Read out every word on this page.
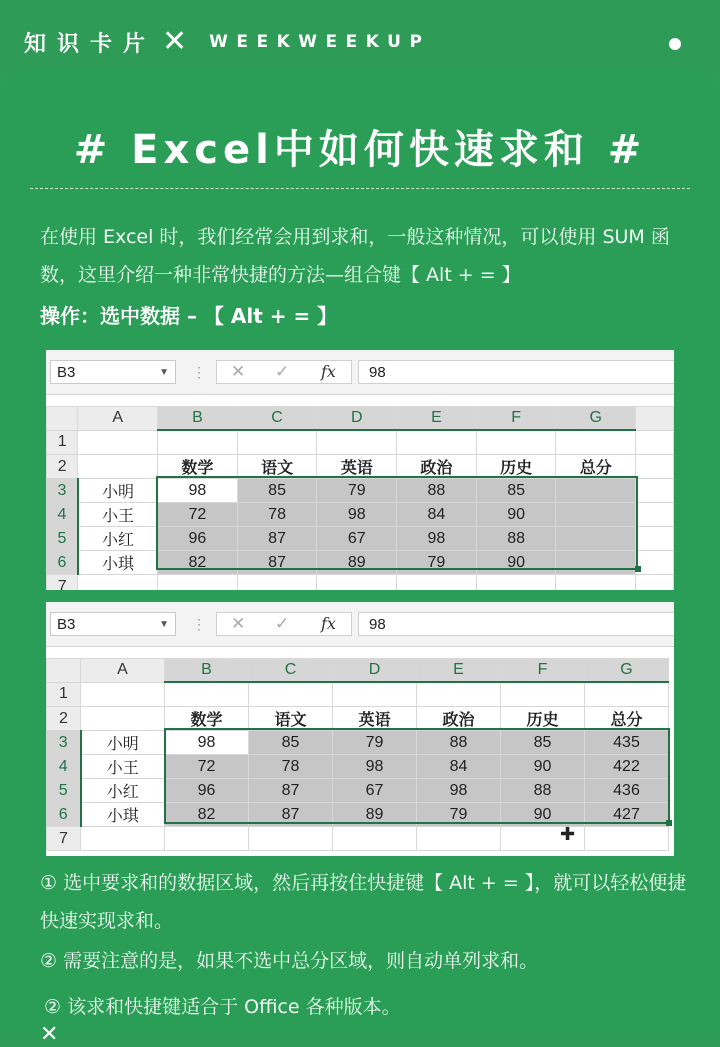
知识卡片 ✕ WEEKWEEKUP
# Excel中如何快速求和 #
在使用 Excel 时，我们经常会用到求和，一般这种情况，可以使用 SUM 函数，这里介绍一种非常快捷的方法—组合键【 Alt + = 】
操作：选中数据 – 【 Alt + = 】
B3	▼ ⋮ ✕ ✓ fx	98
	A	B	C	D	E	F	G	
1								
2		数学	语文	英语	政治	历史	总分	
3	小明	98	85	79	88	85		
4	小王	72	78	98	84	90		
5	小红	96	87	67	98	88		
6	小琪	82	87	89	79	90		
7								
B3	▼ ⋮ ✕ ✓ fx	98
	A	B	C	D	E	F	G
1							
2		数学	语文	英语	政治	历史	总分
3	小明	98	85	79	88	85	435
4	小王	72	78	98	84	90	422
5	小红	96	87	67	98	88	436
6	小琪	82	87	89	79	90	427
7								✚
① 选中要求和的数据区域，然后再按住快捷键【 Alt + = 】，就可以轻松便捷快速实现求和。
② 需要注意的是，如果不选中总分区域，则自动单列求和。
② 该求和快捷键适合于 Office 各种版本。
✕
